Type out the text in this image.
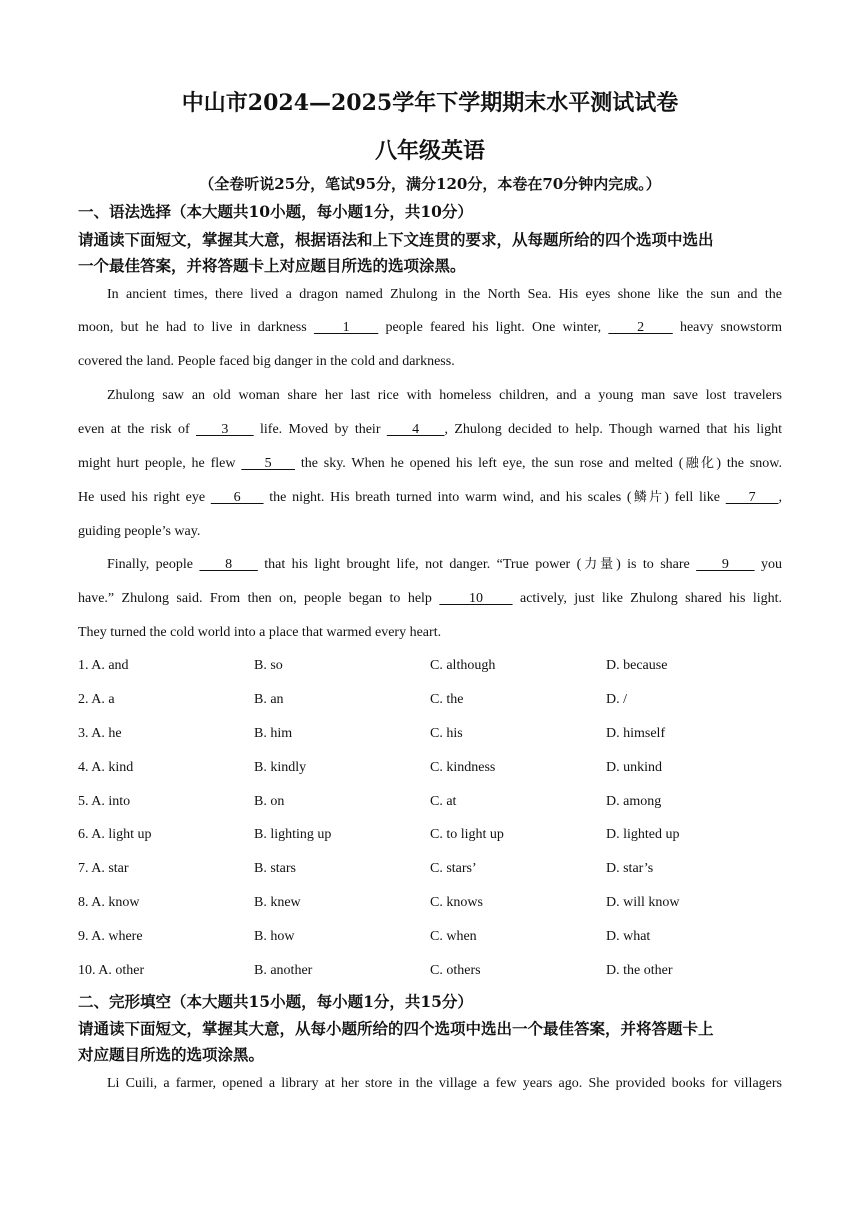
中山市2024—2025学年下学期期末水平测试试卷
八年级英语
（全卷听说25分，笔试95分，满分120分，本卷在70分钟内完成。）
一、语法选择（本大题共10小题，每小题1分，共10分）
请通读下面短文，掌握其大意，根据语法和上下文连贯的要求，从每题所给的四个选项中选出
一个最佳答案，并将答题卡上对应题目所选的选项涂黑。
In ancient times, there lived a dragon named Zhulong in the North Sea. His eyes shone like the sun and the
moon, but he had to live in darkness     1     people feared his light. One winter,     2     heavy snowstorm
covered the land. People faced big danger in the cold and darkness.
Zhulong saw an old woman share her last rice with homeless children, and a young man save lost travelers
even at the risk of     3     life. Moved by their     4    , Zhulong decided to help. Though warned that his light
might hurt people, he flew     5     the sky. When he opened his left eye, the sun rose and melted (融化) the snow.
He used his right eye     6     the night. His breath turned into warm wind, and his scales (鳞片) fell like     7    ,
guiding people’s way.
Finally, people     8     that his light brought life, not danger. “True power (力量) is to share     9     you
have.” Zhulong said. From then on, people began to help     10     actively, just like Zhulong shared his light.
They turned the cold world into a place that warmed every heart.
1. A. and	B. so	C. although	D. because
2. A. a	B. an	C. the	D. /
3. A. he	B. him	C. his	D. himself
4. A. kind	B. kindly	C. kindness	D. unkind
5. A. into	B. on	C. at	D. among
6. A. light up	B. lighting up	C. to light up	D. lighted up
7. A. star	B. stars	C. stars’	D. star’s
8. A. know	B. knew	C. knows	D. will know
9. A. where	B. how	C. when	D. what
10. A. other	B. another	C. others	D. the other
二、完形填空（本大题共15小题，每小题1分，共15分）
请通读下面短文，掌握其大意，从每小题所给的四个选项中选出一个最佳答案，并将答题卡上
对应题目所选的选项涂黑。
Li Cuili, a farmer, opened a library at her store in the village a few years ago. She provided books for villagers
